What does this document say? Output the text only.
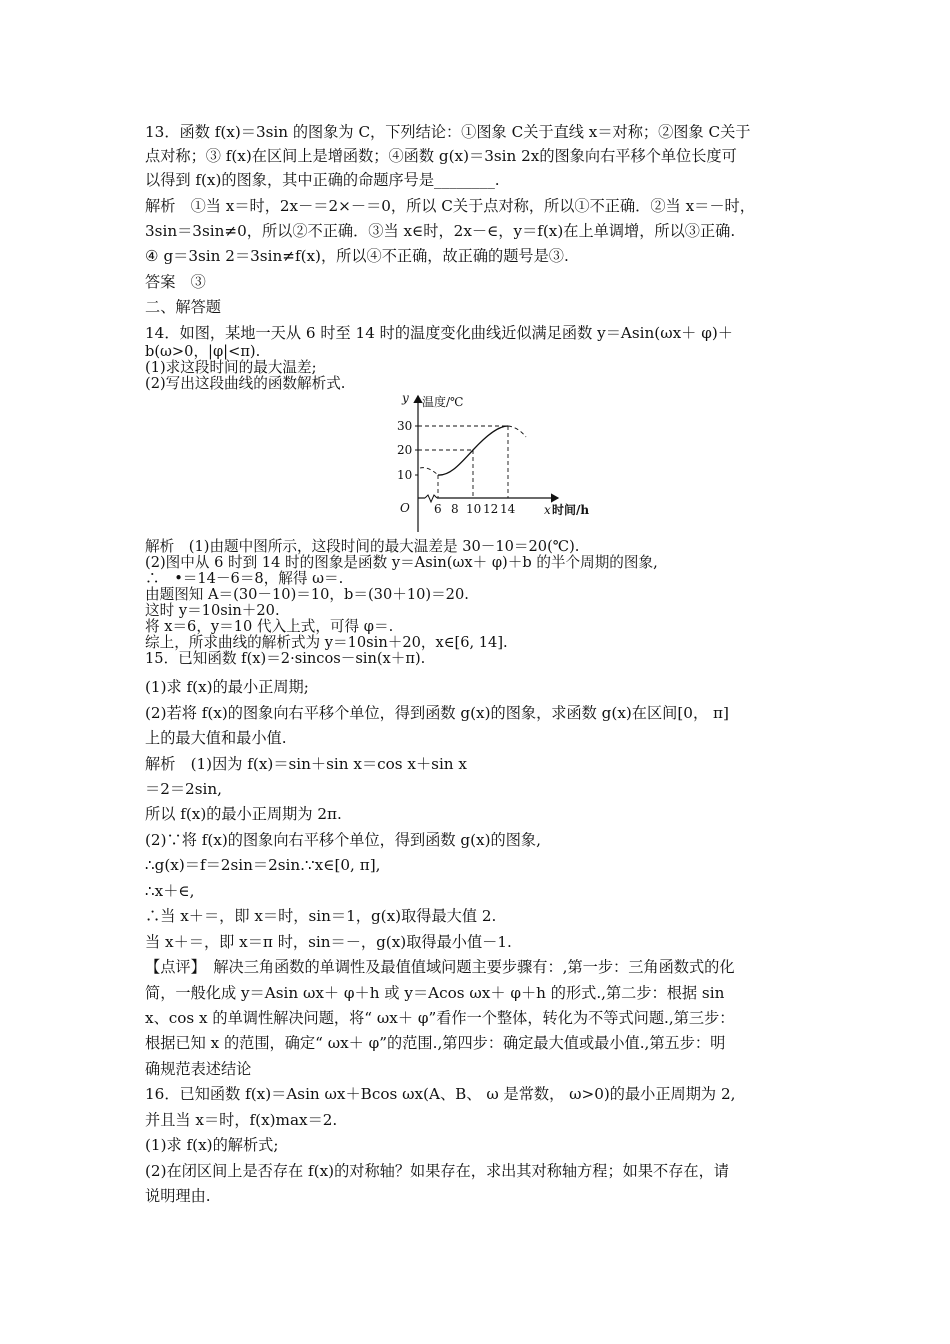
13．函数 f(x)＝3sin 的图象为 C，下列结论：①图象 C关于直线 x＝对称；②图象 C关于
点对称；③ f(x)在区间上是增函数；④函数 g(x)＝3sin 2x的图象向右平移个单位长度可
以得到 f(x)的图象，其中正确的命题序号是________.
解析　①当 x＝时，2x－＝2×－＝0，所以 C关于点对称，所以①不正确．②当 x＝－时，
3sin＝3sin≠0，所以②不正确．③当 x∈时，2x－∈，y＝f(x)在上单调增，所以③正确.
④ g＝3sin 2＝3sin≠f(x)，所以④不正确，故正确的题号是③.
答案　③
二、解答题
14．如图，某地一天从 6 时至 14 时的温度变化曲线近似满足函数 y＝Asin(ωx＋ φ)＋
b(ω>0，|φ|<π).
(1)求这段时间的最大温差;
(2)写出这段曲线的函数解析式.
y 温度/℃
30
20
10
O 6 8 10 12 14 x 时间/h
解析　(1)由题中图所示，这段时间的最大温差是 30－10＝20(℃).
(2)图中从 6 时到 14 时的图象是函数 y＝Asin(ωx＋ φ)＋b 的半个周期的图象,
∴　•＝14－6＝8，解得 ω＝.
由题图知 A＝(30－10)＝10，b＝(30＋10)＝20.
这时 y＝10sin＋20.
将 x＝6，y＝10 代入上式，可得 φ＝.
综上，所求曲线的解析式为 y＝10sin＋20，x∈[6, 14].
15．已知函数 f(x)＝2·sincos－sin(x＋π).
(1)求 f(x)的最小正周期;
(2)若将 f(x)的图象向右平移个单位，得到函数 g(x)的图象，求函数 g(x)在区间[0， π]
上的最大值和最小值.
解析　(1)因为 f(x)＝sin＋sin x＝cos x＋sin x
＝2＝2sin,
所以 f(x)的最小正周期为 2π.
(2)∵将 f(x)的图象向右平移个单位，得到函数 g(x)的图象,
∴g(x)＝f＝2sin＝2sin.∵x∈[0, π],
∴x＋∈,
∴当 x＋＝，即 x＝时，sin＝1，g(x)取得最大值 2.
当 x＋＝，即 x＝π 时，sin＝－，g(x)取得最小值－1.
【点评】　解决三角函数的单调性及最值值域问题主要步骤有：,第一步：三角函数式的化
简，一般化成 y＝Asin ωx＋ φ＋h 或 y＝Acos ωx＋ φ＋h 的形式.,第二步：根据 sin
x、cos x 的单调性解决问题，将“ ωx＋ φ”看作一个整体，转化为不等式问题.,第三步：
根据已知 x 的范围，确定“ ωx＋ φ”的范围.,第四步：确定最大值或最小值.,第五步：明
确规范表述结论
16．已知函数 f(x)＝Asin ωx＋Bcos ωx(A、B、 ω 是常数， ω>0)的最小正周期为 2,
并且当 x＝时，f(x)max＝2.
(1)求 f(x)的解析式;
(2)在闭区间上是否存在 f(x)的对称轴？如果存在，求出其对称轴方程；如果不存在，请
说明理由.
